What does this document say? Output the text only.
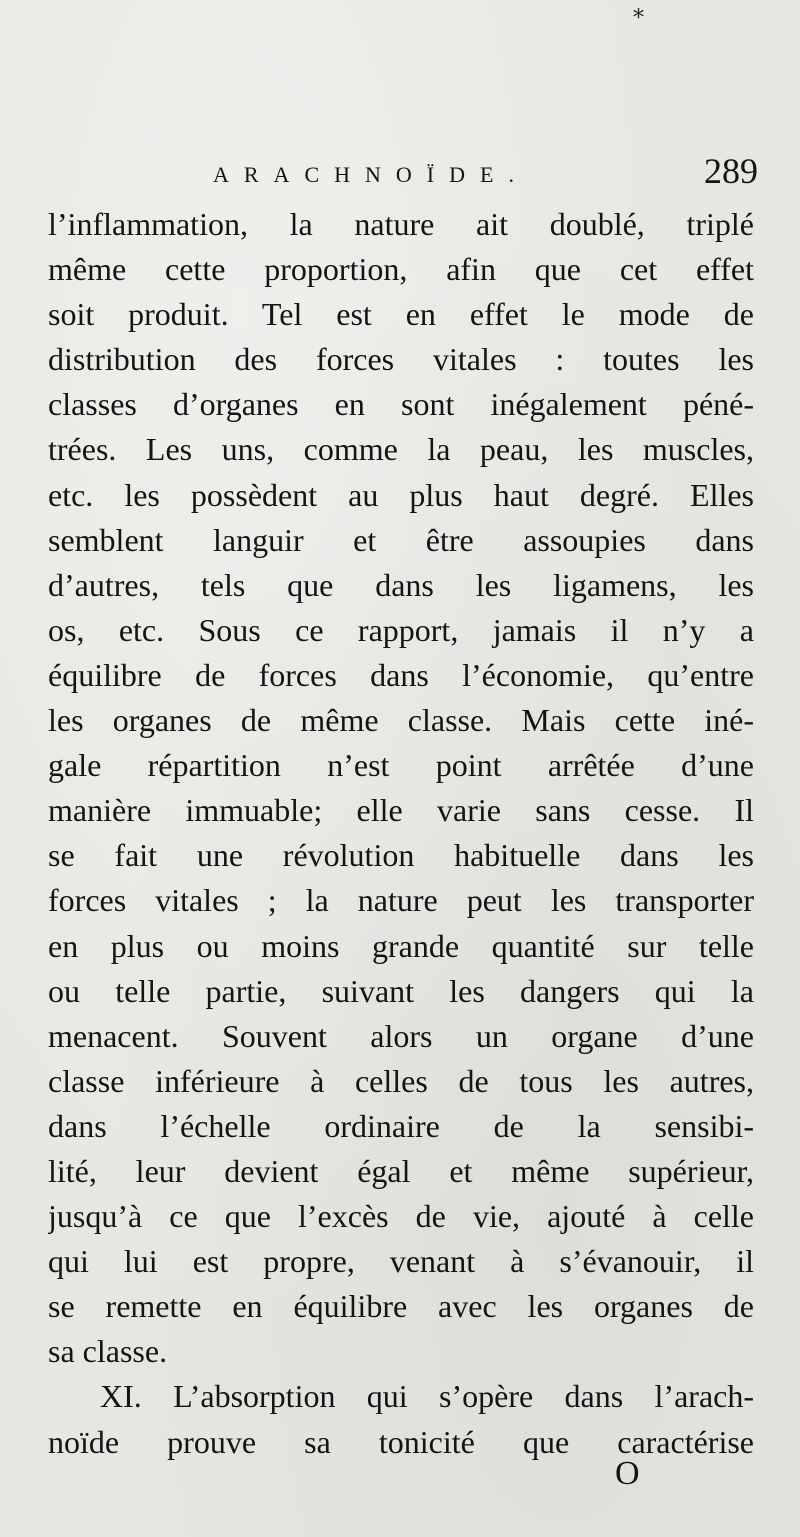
*
ARACHNOÏDE.	289
l’inflammation, la nature ait doublé, triplé
même cette proportion, afin que cet effet
soit produit. Tel est en effet le mode de
distribution des forces vitales : toutes les
classes d’organes en sont inégalement péné-
trées. Les uns, comme la peau, les muscles,
etc. les possèdent au plus haut degré. Elles
semblent languir et être assoupies dans
d’autres, tels que dans les ligamens, les
os, etc. Sous ce rapport, jamais il n’y a
équilibre de forces dans l’économie, qu’entre
les organes de même classe. Mais cette iné-
gale répartition n’est point arrêtée d’une
manière immuable; elle varie sans cesse. Il
se fait une révolution habituelle dans les
forces vitales ; la nature peut les transporter
en plus ou moins grande quantité sur telle
ou telle partie, suivant les dangers qui la
menacent. Souvent alors un organe d’une
classe inférieure à celles de tous les autres,
dans l’échelle ordinaire de la sensibi-
lité, leur devient égal et même supérieur,
jusqu’à ce que l’excès de vie, ajouté à celle
qui lui est propre, venant à s’évanouir, il
se remette en équilibre avec les organes de
sa classe.
XI. L’absorption qui s’opère dans l’arach-
noïde prouve sa tonicité que caractérise
O
